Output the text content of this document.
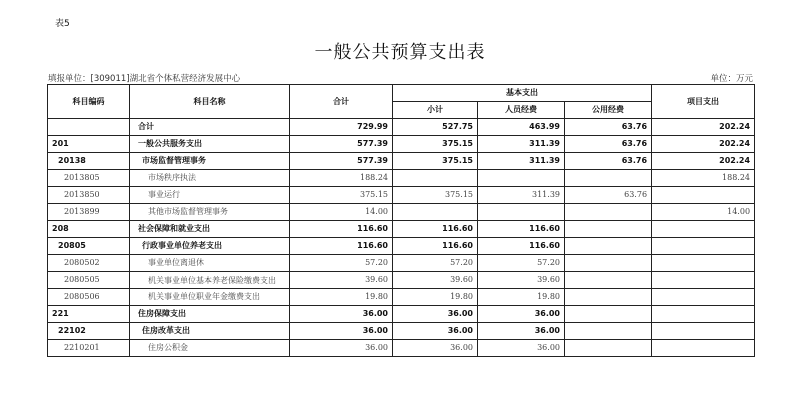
表5
一般公共预算支出表
填报单位：[309011]湖北省个体私营经济发展中心	单位：万元
科目编码	科目名称	合计	基本支出			项目支出
			小计	人员经费	公用经费	

	合计	729.99	527.75	463.99	63.76	202.24
201	一般公共服务支出	577.39	375.15	311.39	63.76	202.24
20138	市场监督管理事务	577.39	375.15	311.39	63.76	202.24
2013805	市场秩序执法	188.24				188.24
2013850	事业运行	375.15	375.15	311.39	63.76	
2013899	其他市场监督管理事务	14.00				14.00
208	社会保障和就业支出	116.60	116.60	116.60		
20805	行政事业单位养老支出	116.60	116.60	116.60		
2080502	事业单位离退休	57.20	57.20	57.20		
2080505	机关事业单位基本养老保险缴费支出	39.60	39.60	39.60		
2080506	机关事业单位职业年金缴费支出	19.80	19.80	19.80		
221	住房保障支出	36.00	36.00	36.00		
22102	住房改革支出	36.00	36.00	36.00		
2210201	住房公积金	36.00	36.00	36.00		
